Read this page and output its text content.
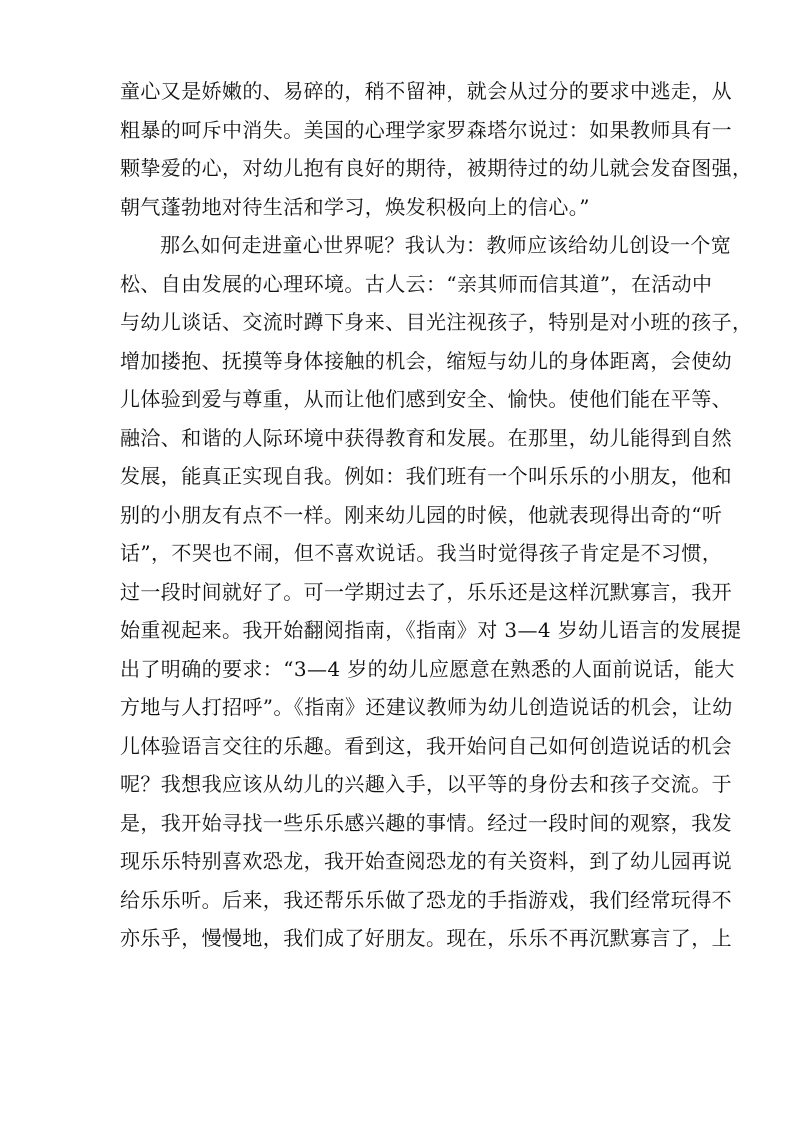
童心又是娇嫩的、易碎的，稍不留神，就会从过分的要求中逃走，从
粗暴的呵斥中消失。美国的心理学家罗森塔尔说过：如果教师具有一
颗挚爱的心，对幼儿抱有良好的期待，被期待过的幼儿就会发奋图强，
朝气蓬勃地对待生活和学习，焕发积极向上的信心。”
那么如何走进童心世界呢？我认为：教师应该给幼儿创设一个宽
松、自由发展的心理环境。古人云：“亲其师而信其道”，在活动中
与幼儿谈话、交流时蹲下身来、目光注视孩子，特别是对小班的孩子，
增加搂抱、抚摸等身体接触的机会，缩短与幼儿的身体距离，会使幼
儿体验到爱与尊重，从而让他们感到安全、愉快。使他们能在平等、
融洽、和谐的人际环境中获得教育和发展。在那里，幼儿能得到自然
发展，能真正实现自我。例如：我们班有一个叫乐乐的小朋友，他和
别的小朋友有点不一样。刚来幼儿园的时候，他就表现得出奇的“听
话”，不哭也不闹，但不喜欢说话。我当时觉得孩子肯定是不习惯，
过一段时间就好了。可一学期过去了，乐乐还是这样沉默寡言，我开
始重视起来。我开始翻阅指南，《指南》对 3—4 岁幼儿语言的发展提
出了明确的要求：“3—4 岁的幼儿应愿意在熟悉的人面前说话，能大
方地与人打招呼”。《指南》还建议教师为幼儿创造说话的机会，让幼
儿体验语言交往的乐趣。看到这，我开始问自己如何创造说话的机会
呢？我想我应该从幼儿的兴趣入手，以平等的身份去和孩子交流。于
是，我开始寻找一些乐乐感兴趣的事情。经过一段时间的观察，我发
现乐乐特别喜欢恐龙，我开始查阅恐龙的有关资料，到了幼儿园再说
给乐乐听。后来，我还帮乐乐做了恐龙的手指游戏，我们经常玩得不
亦乐乎，慢慢地，我们成了好朋友。现在，乐乐不再沉默寡言了，上
